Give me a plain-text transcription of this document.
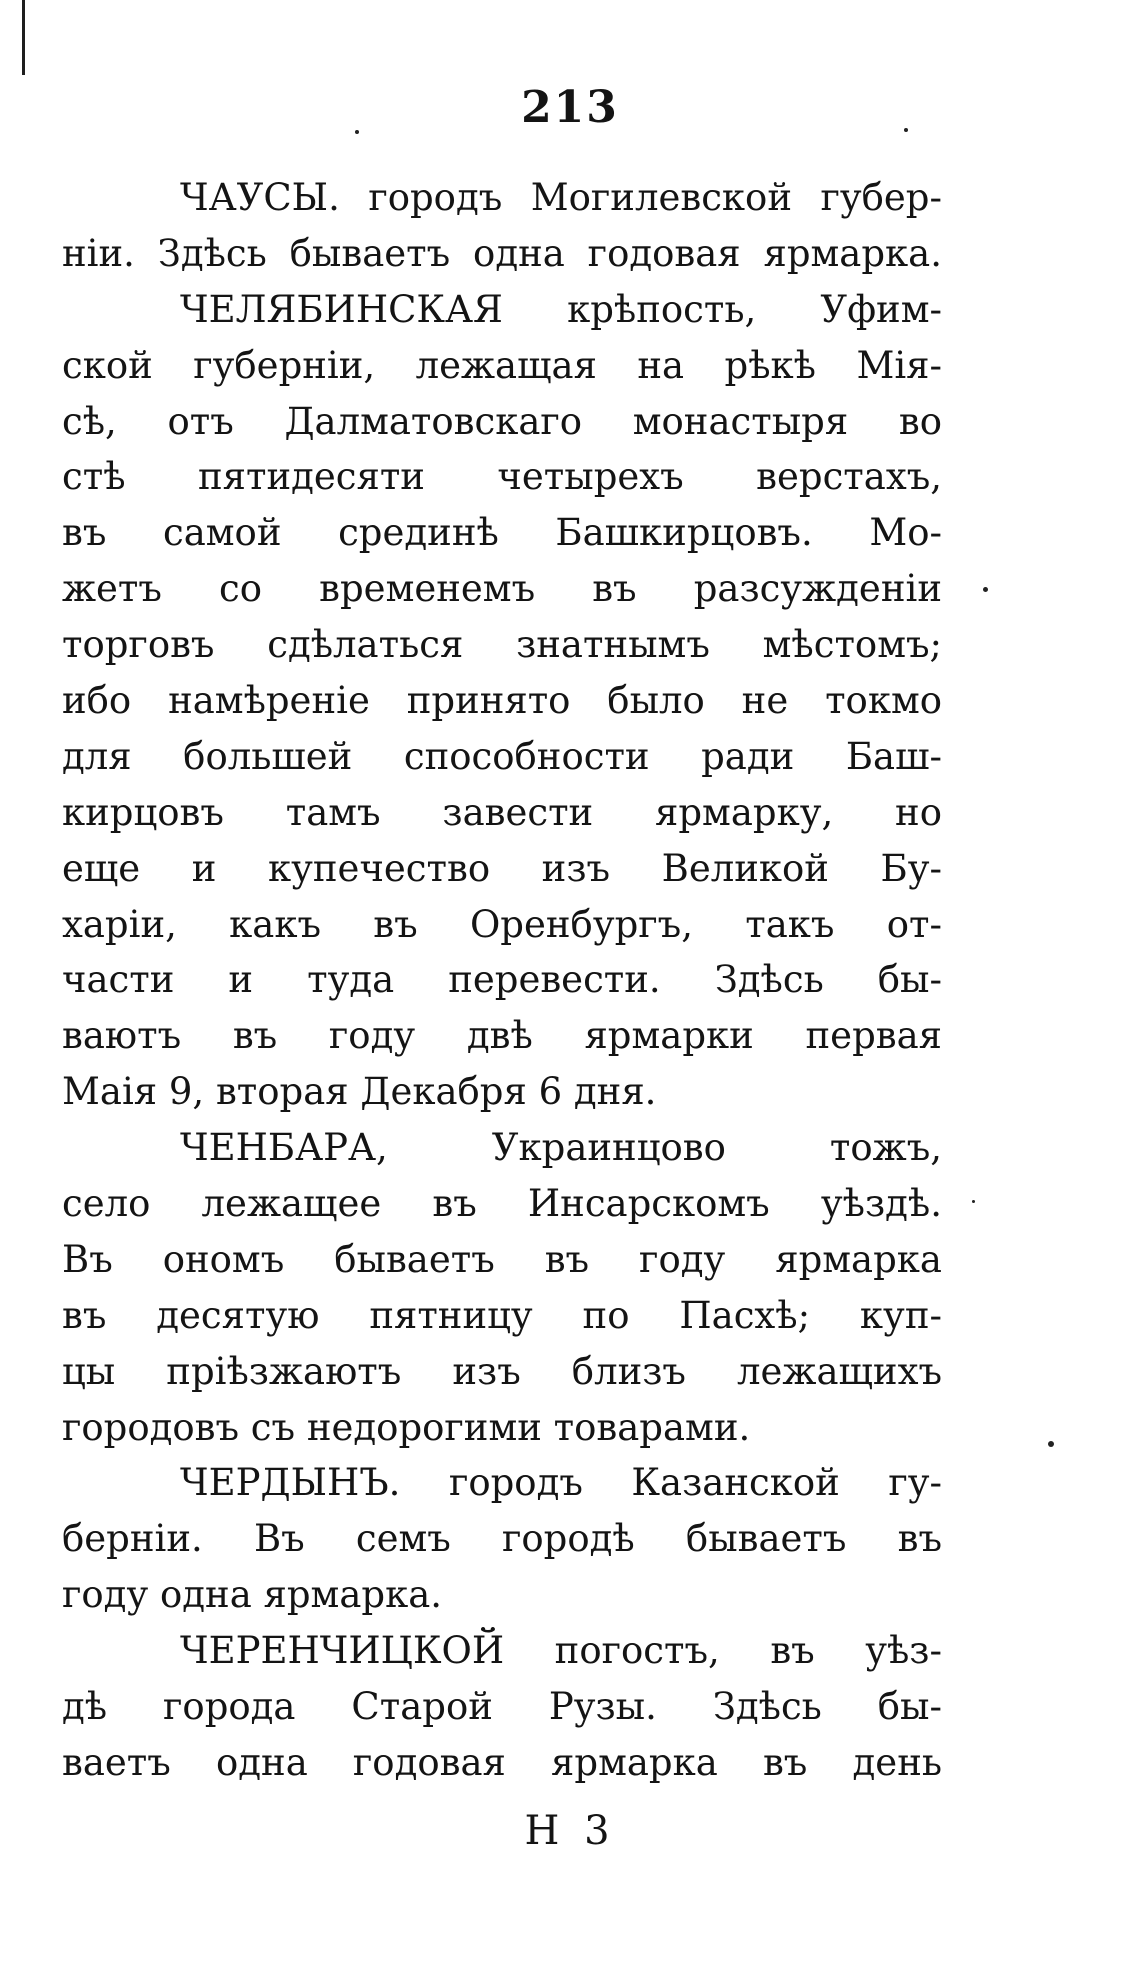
213
ЧАУСЫ. городъ Могилевской губер-
нiи. Здѣсь бываетъ одна годовая ярмарка.
ЧЕЛЯБИНСКАЯ крѣпость, Уфим-
ской губернiи, лежащая на рѣкѣ Мiя-
сѣ, отъ Далматовскаго монастыря во
стѣ пятидесяти четырехъ верстахъ,
въ самой срединѣ Башкирцовъ. Мо-
жетъ со временемъ въ разсужденiи
торговъ сдѣлаться знатнымъ мѣстомъ;
ибо намѣренiе принято было не токмо
для большей способности ради Баш-
кирцовъ тамъ завести ярмарку, но
еще и купечество изъ Великой Бу-
харiи, какъ въ Оренбургъ, такъ от-
части и туда перевести. Здѣсь бы-
ваютъ въ году двѣ ярмарки первая
Маiя 9, вторая Декабря 6 дня.
ЧЕНБАРА, Украинцово тожъ,
село лежащее въ Инсарскомъ уѣздѣ.
Въ ономъ бываетъ въ году ярмарка
въ десятую пятницу по Пасхѣ; куп-
цы прiѣзжаютъ изъ близъ лежащихъ
городовъ съ недорогими товарами.
ЧЕРДЫНЪ. городъ Казанской гу-
бернiи. Въ семъ городѣ бываетъ въ
году одна ярмарка.
ЧЕРЕНЧИЦКОЙ погостъ, въ уѣз-
дѣ города Старой Рузы. Здѣсь бы-
ваетъ одна годовая ярмарка въ день
H 3
